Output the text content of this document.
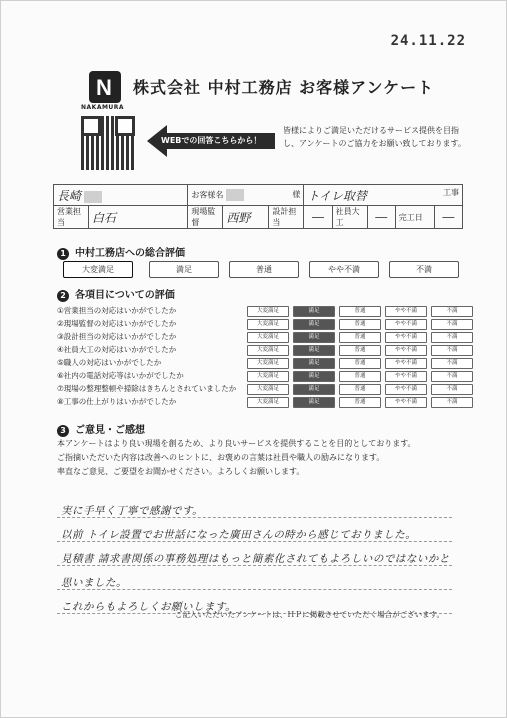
24.11.22
N
NAKAMURA
株式会社 中村工務店 お客様アンケート
WEBでの回答こちらから！
皆様によりご満足いただけるサービス提供を目指し、アンケートのご協力をお願い致しております。
長崎		お客様名 様			トイレ取替 工事				

営業担当	白石	現場監督	西野	設計担当	―	社員大工	―	完工日	―
1 中村工務店への総合評価
大変満足	満足	普通	やや不満	不満
2 各項目についての評価
①営業担当の対応はいかがでしたか	大変満足	満足	普通	やや不満	不満
②現場監督の対応はいかがでしたか	大変満足	満足	普通	やや不満	不満
③設計担当の対応はいかがでしたか	大変満足	満足	普通	やや不満	不満
④社員大工の対応はいかがでしたか	大変満足	満足	普通	やや不満	不満
⑤職人の対応はいかがでしたか	大変満足	満足	普通	やや不満	不満
⑥社内の電話対応等はいかがでしたか	大変満足	満足	普通	やや不満	不満
⑦現場の整理整頓や掃除はきちんとされていましたか	大変満足	満足	普通	やや不満	不満
⑧工事の仕上がりはいかがでしたか	大変満足	満足	普通	やや不満	不満
3 ご意見・ご感想
本アンケートはより良い現場を創るため、より良いサービスを提供することを目的としております。
ご指摘いただいた内容は改善へのヒントに、お褒めの言葉は社員や職人の励みになります。
率直なご意見、ご要望をお聞かせください。よろしくお願いします。
実に手早く丁寧で感謝です。
以前 トイレ設置でお世話になった廣田さんの時から感じておりました。
見積書 請求書関係の事務処理はもっと簡素化されてもよろしいのではないかと
思いました。
これからもよろしくお願いします。
ご記入いただいたアンケートは、ＨＰに掲載させていただく場合がございます。
